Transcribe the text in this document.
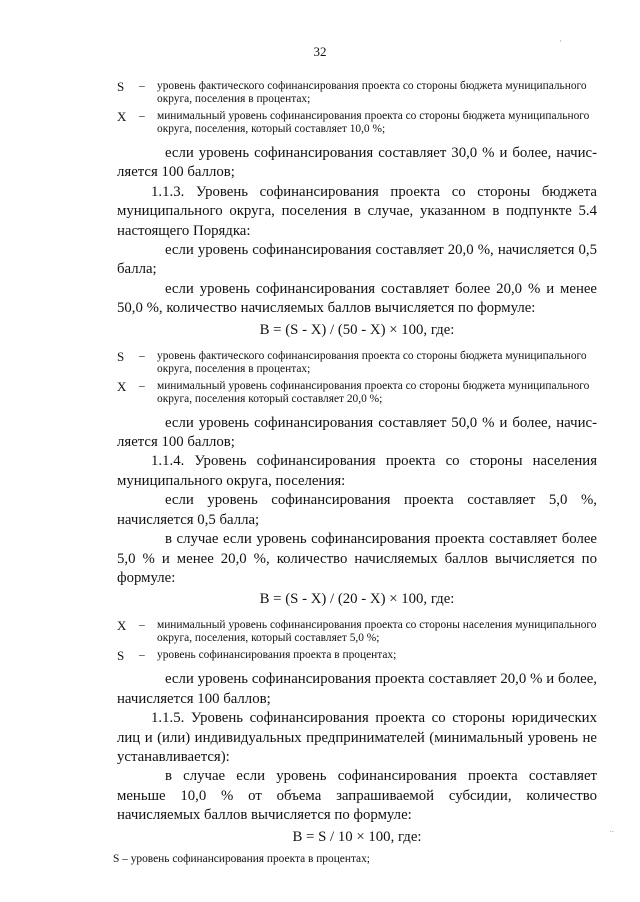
·
32
S	–	уровень фактического софинансирования проекта со стороны бюджета муниципального округа, поселения в процентах;
X	–	минимальный уровень софинансирования проекта со стороны бюджета муниципального округа, поселения, который составляет 10,0 %;

если уровень софинансирования составляет 30,0 % и более, начисляется 100 баллов;

1.1.3. Уровень софинансирования проекта со стороны бюджета муниципального округа, поселения в случае, указанном в подпункте 5.4 настоящего Порядка:

если уровень софинансирования составляет 20,0 %, начисляется 0,5 балла;

если уровень софинансирования составляет более 20,0 % и менее 50,0 %, количество начисляемых баллов вычисляется по формуле:

B = (S - X) / (50 - X) × 100, где:
S	–	уровень фактического софинансирования проекта со стороны бюджета муниципального округа, поселения в процентах;
X	–	минимальный уровень софинансирования проекта со стороны бюджета муниципального округа, поселения который составляет 20,0 %;

если уровень софинансирования составляет 50,0 % и более, начисляется 100 баллов;

1.1.4. Уровень софинансирования проекта со стороны населения муниципального округа, поселения:

если уровень софинансирования проекта составляет 5,0 %, начисляется 0,5 балла;

в случае если уровень софинансирования проекта составляет более 5,0 % и менее 20,0 %, количество начисляемых баллов вычисляется по формуле:

B = (S - X) / (20 - X) × 100, где:
X	–	минимальный уровень софинансирования проекта со стороны населения муниципального округа, поселения, который составляет 5,0 %;
S	–	уровень софинансирования проекта в процентах;

если уровень софинансирования проекта составляет 20,0 % и более, начисляется 100 баллов;

1.1.5. Уровень софинансирования проекта со стороны юридических лиц и (или) индивидуальных предпринимателей (минимальный уровень не устанавливается):

в случае если уровень софинансирования проекта составляет меньше 10,0 % от объема запрашиваемой субсидии, количество начисляемых баллов вычисляется по формуле:

B = S / 10 × 100, где:
S – уровень софинансирования проекта в процентах;
..
